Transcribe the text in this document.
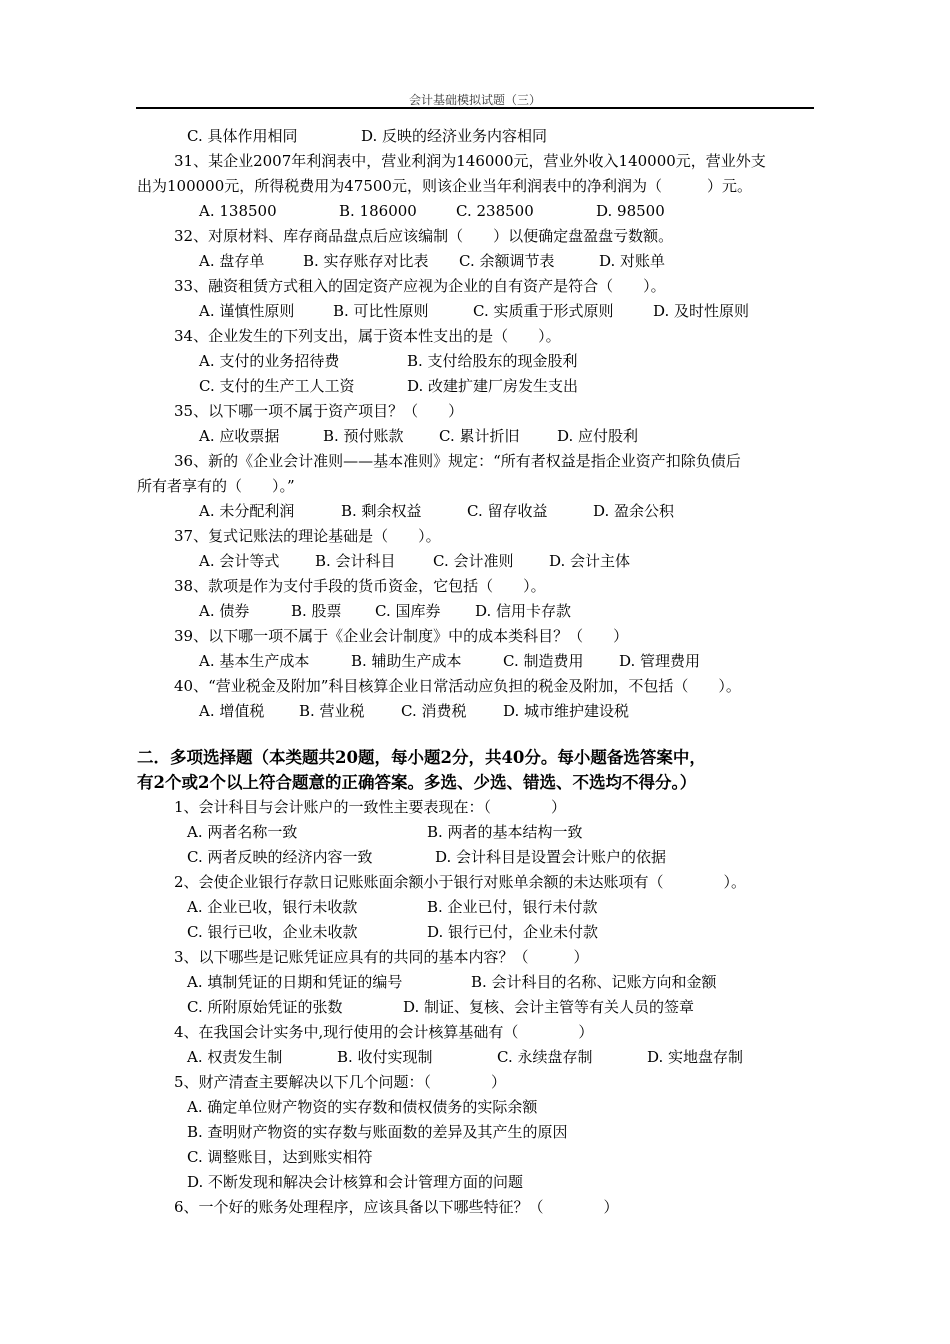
会计基础模拟试题（三）
C. 具体作用相同	D. 反映的经济业务内容相同
31、某企业2007年利润表中，营业利润为146000元，营业外收入140000元，营业外支
出为100000元，所得税费用为47500元，则该企业当年利润表中的净利润为（　　　）元。
A. 138500	B. 186000	C. 238500	D. 98500
32、对原材料、库存商品盘点后应该编制（　　）以便确定盘盈盘亏数额。
A. 盘存单	B. 实存账存对比表 C. 余额调节表	D. 对账单
33、融资租赁方式租入的固定资产应视为企业的自有资产是符合（　　）。
A. 谨慎性原则	B. 可比性原则	C. 实质重于形式原则	D. 及时性原则
34、企业发生的下列支出，属于资本性支出的是（　　）。
A. 支付的业务招待费	B. 支付给股东的现金股利
C. 支付的生产工人工资	D. 改建扩建厂房发生支出
35、以下哪一项不属于资产项目？（　　）
A. 应收票据	B. 预付账款 C. 累计折旧	D. 应付股利
36、新的《企业会计准则——基本准则》规定：“所有者权益是指企业资产扣除负债后
所有者享有的（　　）。”
A. 未分配利润	B. 剩余权益	C. 留存收益	D. 盈余公积
37、复式记账法的理论基础是（　　）。
A. 会计等式 B. 会计科目 C. 会计准则 D. 会计主体
38、款项是作为支付手段的货币资金，它包括（　　）。
A. 债券	B. 股票 C. 国库券 D. 信用卡存款
39、以下哪一项不属于《企业会计制度》中的成本类科目？（　　）
A. 基本生产成本	B. 辅助生产成本	C. 制造费用 D. 管理费用
40、“营业税金及附加”科目核算企业日常活动应负担的税金及附加，不包括（　　）。
A. 增值税 B. 营业税 C. 消费税 D. 城市维护建设税
二．多项选择题（本类题共20题，每小题2分，共40分。每小题备选答案中，
有2个或2个以上符合题意的正确答案。多选、少选、错选、不选均不得分。）
1、会计科目与会计账户的一致性主要表现在：（　　　　）
A. 两者名称一致	B. 两者的基本结构一致
C. 两者反映的经济内容一致	D. 会计科目是设置会计账户的依据
2、会使企业银行存款日记账账面余额小于银行对账单余额的未达账项有（　　　　）。
A. 企业已收，银行未收款	B. 企业已付，银行未付款
C. 银行已收，企业未收款	D. 银行已付，企业未付款
3、以下哪些是记账凭证应具有的共同的基本内容？（　　　）
A. 填制凭证的日期和凭证的编号	B. 会计科目的名称、记账方向和金额
C. 所附原始凭证的张数	D. 制证、复核、会计主管等有关人员的签章
4、在我国会计实务中,现行使用的会计核算基础有（　　　　）
A. 权责发生制	B. 收付实现制	C. 永续盘存制	D. 实地盘存制
5、财产清查主要解决以下几个问题：（　　　　）
A. 确定单位财产物资的实存数和债权债务的实际余额
B. 查明财产物资的实存数与账面数的差异及其产生的原因
C. 调整账目，达到账实相符
D. 不断发现和解决会计核算和会计管理方面的问题
6、一个好的账务处理程序，应该具备以下哪些特征？（　　　　）
